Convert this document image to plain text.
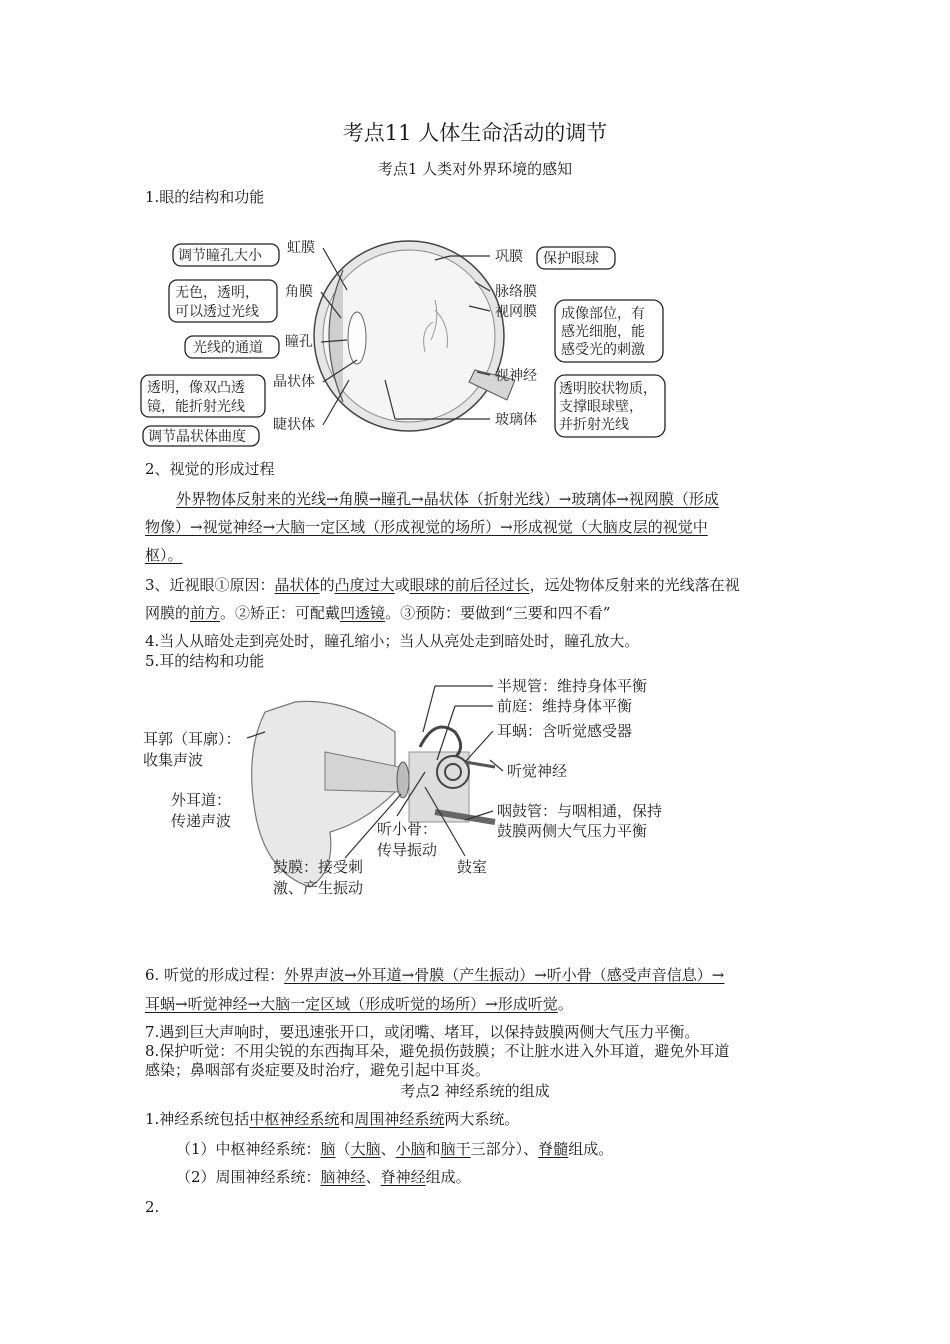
考点11 人体生命活动的调节
考点1 人类对外界环境的感知
1.眼的结构和功能
调节瞳孔大小 虹膜
无色，透明，
可以透过光线
角膜
光线的通道 瞳孔
透明，像双凸透
镜，能折射光线
晶状体
调节晶状体曲度
睫状体
巩膜 保护眼球
脉络膜
视网膜 成像部位，有
感光细胞，能
感受光的刺激
视神经
玻璃体
透明胶状物质，
支撑眼球壁，
并折射光线
2、视觉的形成过程
外界物体反射来的光线→角膜→瞳孔→晶状体（折射光线）→玻璃体→视网膜（形成
物像）→视觉神经→大脑一定区域（形成视觉的场所）→形成视觉（大脑皮层的视觉中
枢）。
3、近视眼①原因：晶状体的凸度过大或眼球的前后径过长，远处物体反射来的光线落在视
网膜的前方。②矫正：可配戴凹透镜。③预防：要做到“三要和四不看”
4.当人从暗处走到亮处时，瞳孔缩小；当人从亮处走到暗处时，瞳孔放大。
5.耳的结构和功能
耳郭（耳廓）：
收集声波
外耳道：
传递声波
鼓膜：接受刺
激、产生振动
听小骨：
传导振动
鼓室
半规管：维持身体平衡
前庭：维持身体平衡
耳蜗：含听觉感受器
听觉神经
咽鼓管：与咽相通，保持
鼓膜两侧大气压力平衡
6. 听觉的形成过程：外界声波→外耳道→骨膜（产生振动）→听小骨（感受声音信息）→
耳蜗→听觉神经→大脑一定区域（形成听觉的场所）→形成听觉。
7.遇到巨大声响时，要迅速张开口，或闭嘴、堵耳，以保持鼓膜两侧大气压力平衡。
8.保护听觉：不用尖锐的东西掏耳朵，避免损伤鼓膜；不让脏水进入外耳道，避免外耳道
感染；鼻咽部有炎症要及时治疗，避免引起中耳炎。
考点2 神经系统的组成
1.神经系统包括中枢神经系统和周围神经系统两大系统。
（1）中枢神经系统：脑（大脑、小脑和脑干三部分）、脊髓组成。
（2）周围神经系统：脑神经、脊神经组成。
2.
